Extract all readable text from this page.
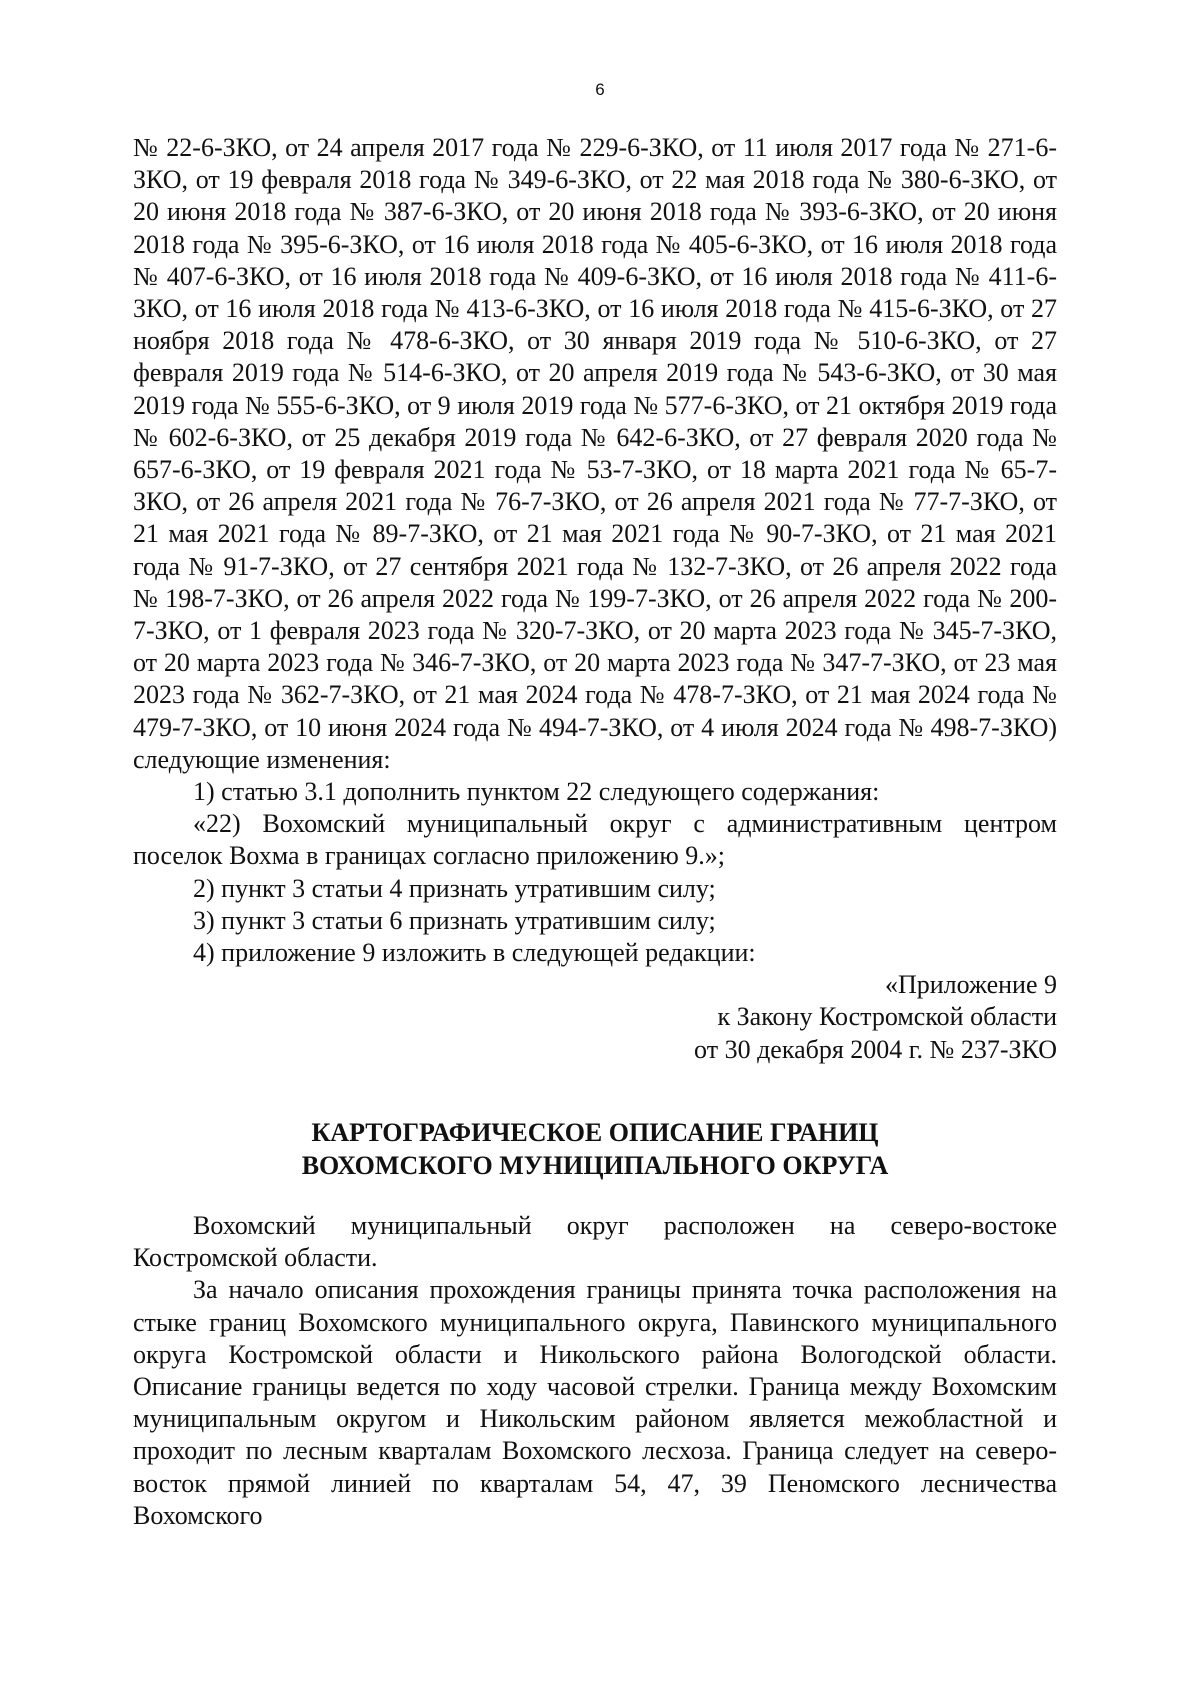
6

№ 22-6-ЗКО, от 24 апреля 2017 года № 229-6-ЗКО, от 11 июля 2017 года № 271-6-ЗКО, от 19 февраля 2018 года № 349-6-ЗКО, от 22 мая 2018 года № 380-6-ЗКО, от 20 июня 2018 года № 387-6-ЗКО, от 20 июня 2018 года № 393-6-ЗКО, от 20 июня 2018 года № 395-6-ЗКО, от 16 июля 2018 года № 405-6-ЗКО, от 16 июля 2018 года № 407-6-ЗКО, от 16 июля 2018 года № 409-6-ЗКО, от 16 июля 2018 года № 411-6-ЗКО, от 16 июля 2018 года № 413-6-ЗКО, от 16 июля 2018 года № 415-6-ЗКО, от 27 ноября 2018 года № 478-6-ЗКО, от 30 января 2019 года № 510-6-ЗКО, от 27 февраля 2019 года № 514-6-ЗКО, от 20 апреля 2019 года № 543-6-ЗКО, от 30 мая 2019 года № 555-6-ЗКО, от 9 июля 2019 года № 577-6-ЗКО, от 21 октября 2019 года № 602-6-ЗКО, от 25 декабря 2019 года № 642-6-ЗКО, от 27 февраля 2020 года № 657-6-ЗКО, от 19 февраля 2021 года № 53-7-ЗКО, от 18 марта 2021 года № 65-7-ЗКО, от 26 апреля 2021 года № 76-7-ЗКО, от 26 апреля 2021 года № 77-7-ЗКО, от 21 мая 2021 года № 89-7-ЗКО, от 21 мая 2021 года № 90-7-ЗКО, от 21 мая 2021 года № 91-7-ЗКО, от 27 сентября 2021 года № 132-7-ЗКО, от 26 апреля 2022 года № 198-7-ЗКО, от 26 апреля 2022 года № 199-7-ЗКО, от 26 апреля 2022 года № 200-7-ЗКО, от 1 февраля 2023 года № 320-7-ЗКО, от 20 марта 2023 года № 345-7-ЗКО, от 20 марта 2023 года № 346-7-ЗКО, от 20 марта 2023 года № 347-7-ЗКО, от 23 мая 2023 года № 362-7-ЗКО, от 21 мая 2024 года № 478-7-ЗКО, от 21 мая 2024 года № 479-7-ЗКО, от 10 июня 2024 года № 494-7-ЗКО, от 4 июля 2024 года № 498-7-ЗКО) следующие изменения:

1) статью 3.1 дополнить пунктом 22 следующего содержания:

«22) Вохомский муниципальный округ с административным центром поселок Вохма в границах согласно приложению 9.»;

2) пункт 3 статьи 4 признать утратившим силу;

3) пункт 3 статьи 6 признать утратившим силу;

4) приложение 9 изложить в следующей редакции:

«Приложение 9

к Закону Костромской области

от 30 декабря 2004 г. № 237-ЗКО

КАРТОГРАФИЧЕСКОЕ ОПИСАНИЕ ГРАНИЦ
ВОХОМСКОГО МУНИЦИПАЛЬНОГО ОКРУГА

Вохомский муниципальный округ расположен на северо-востоке Костромской области.

За начало описания прохождения границы принята точка расположения на стыке границ Вохомского муниципального округа, Павинского муниципального округа Костромской области и Никольского района Вологодской области. Описание границы ведется по ходу часовой стрелки. Граница между Вохомским муниципальным округом и Никольским районом является межобластной и проходит по лесным кварталам Вохомского лесхоза. Граница следует на северо-восток прямой линией по кварталам 54, 47, 39 Пеномского лесничества Вохомского
